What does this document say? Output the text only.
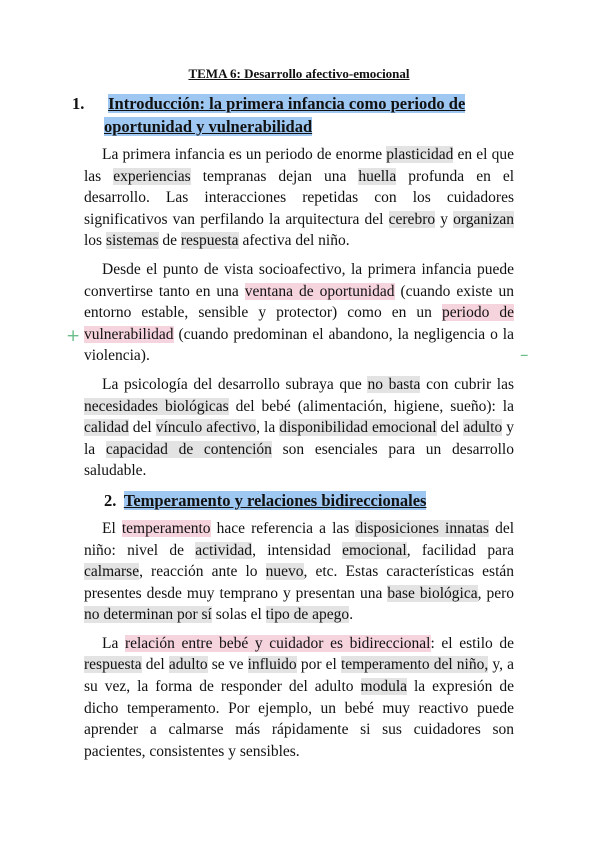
TEMA 6: Desarrollo afectivo-emocional
1. Introducción: la primera infancia como periodo de oportunidad y vulnerabilidad

La primera infancia es un periodo de enorme plasticidad en el que las experiencias tempranas dejan una huella profunda en el desarrollo. Las interacciones repetidas con los cuidadores significativos van perfilando la arquitectura del cerebro y organizan los sistemas de respuesta afectiva del niño.

Desde el punto de vista socioafectivo, la primera infancia puede convertirse tanto en una ventana de oportunidad (cuando existe un entorno estable, sensible y protector) como en un periodo de vulnerabilidad (cuando predominan el abandono, la negligencia o la violencia).

La psicología del desarrollo subraya que no basta con cubrir las necesidades biológicas del bebé (alimentación, higiene, sueño): la calidad del vínculo afectivo, la disponibilidad emocional del adulto y la capacidad de contención son esenciales para un desarrollo saludable.

2. Temperamento y relaciones bidireccionales

El temperamento hace referencia a las disposiciones innatas del niño: nivel de actividad, intensidad emocional, facilidad para calmarse, reacción ante lo nuevo, etc. Estas características están presentes desde muy temprano y presentan una base biológica, pero no determinan por sí solas el tipo de apego.

La relación entre bebé y cuidador es bidireccional: el estilo de respuesta del adulto se ve influido por el temperamento del niño, y, a su vez, la forma de responder del adulto modula la expresión de dicho temperamento. Por ejemplo, un bebé muy reactivo puede aprender a calmarse más rápidamente si sus cuidadores son pacientes, consistentes y sensibles.

+
–
